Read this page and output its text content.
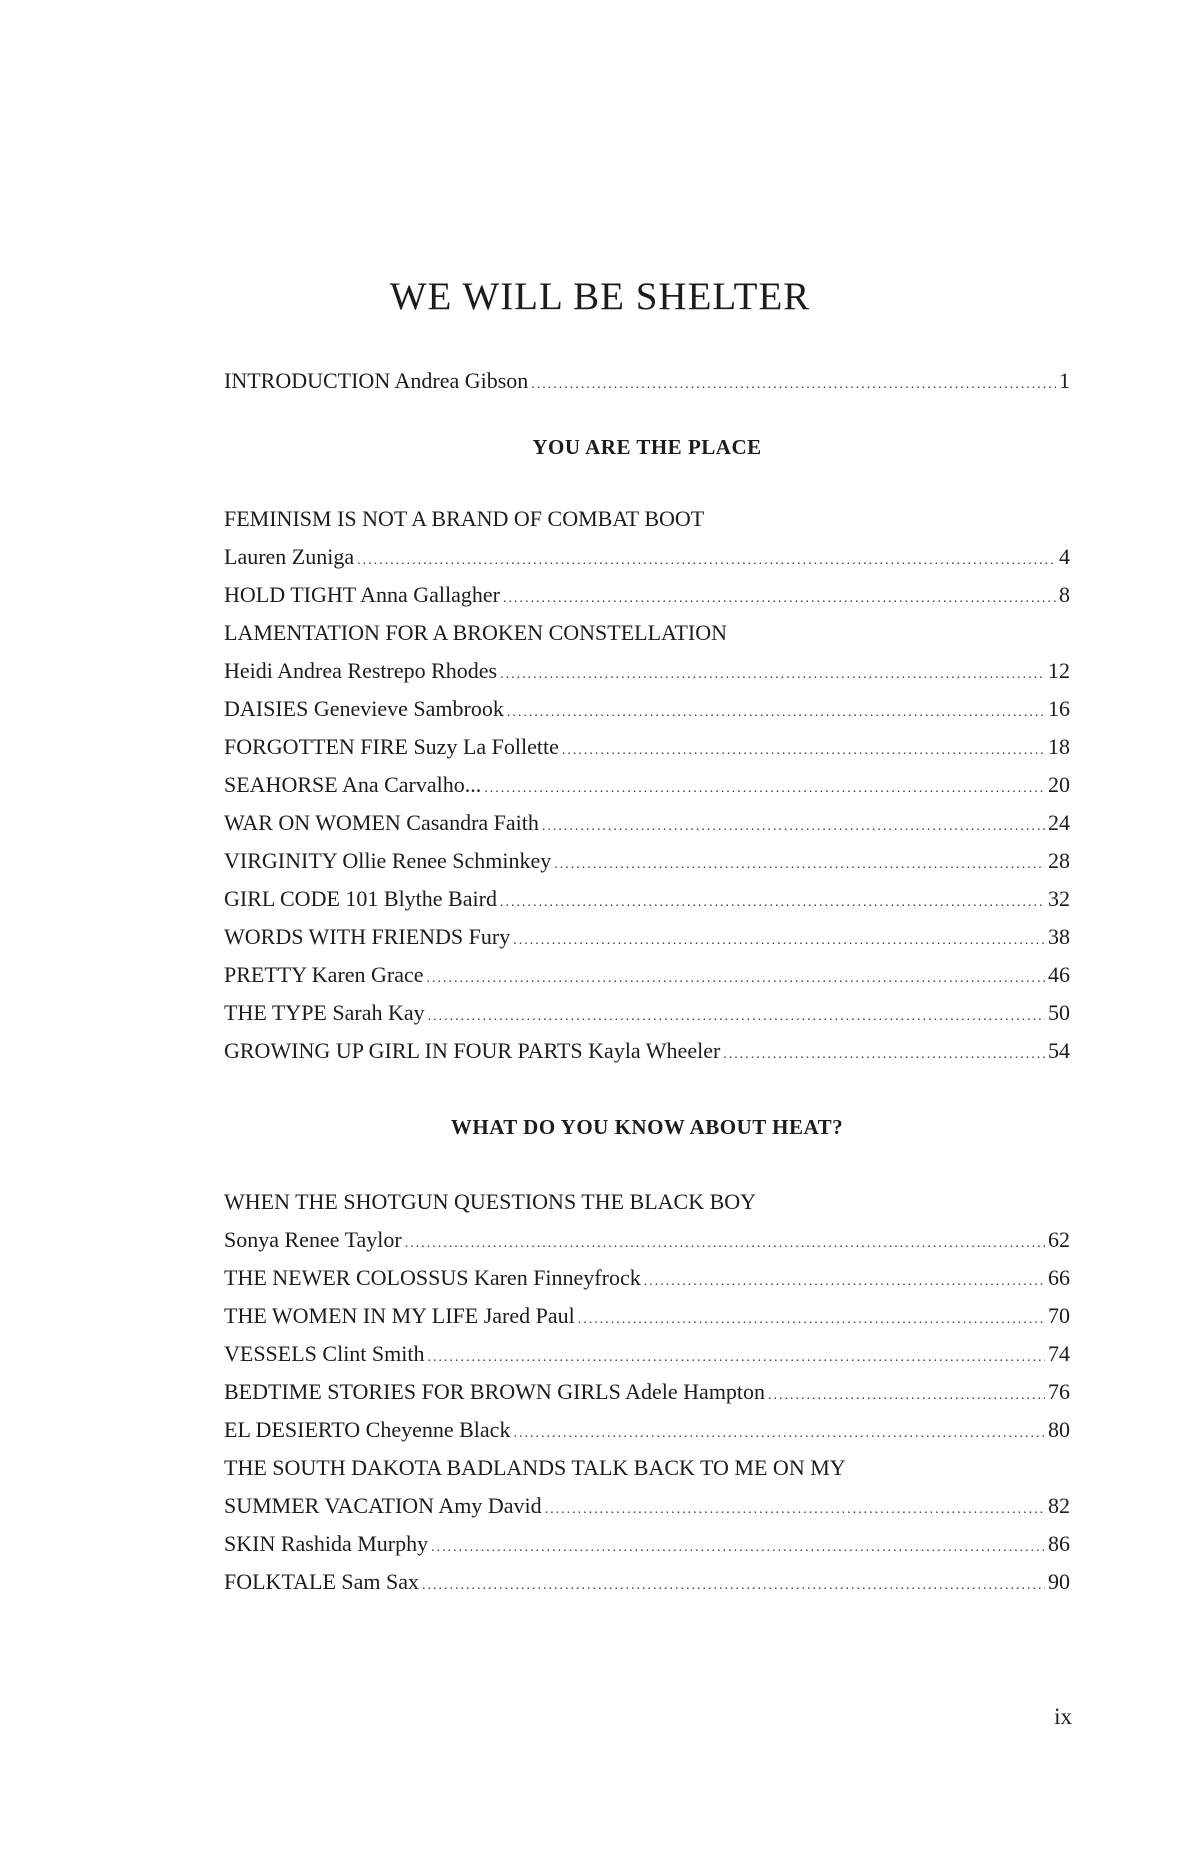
WE WILL BE SHELTER
INTRODUCTION Andrea Gibson .....	1
YOU ARE THE PLACE
FEMINISM IS NOT A BRAND OF COMBAT BOOT
Lauren Zuniga .....	4
HOLD TIGHT Anna Gallagher .....	8
LAMENTATION FOR A BROKEN CONSTELLATION
Heidi Andrea Restrepo Rhodes .....	12
DAISIES Genevieve Sambrook .....	16
FORGOTTEN FIRE Suzy La Follette .....	18
SEAHORSE Ana Carvalho... .....	20
WAR ON WOMEN Casandra Faith .....	24
VIRGINITY Ollie Renee Schminkey .....	28
GIRL CODE 101 Blythe Baird .....	32
WORDS WITH FRIENDS Fury .....	38
PRETTY Karen Grace .....	46
THE TYPE Sarah Kay .....	50
GROWING UP GIRL IN FOUR PARTS Kayla Wheeler .....	54
WHAT DO YOU KNOW ABOUT HEAT?
WHEN THE SHOTGUN QUESTIONS THE BLACK BOY
Sonya Renee Taylor .....	62
THE NEWER COLOSSUS Karen Finneyfrock .....	66
THE WOMEN IN MY LIFE Jared Paul .....	70
VESSELS Clint Smith .....	74
BEDTIME STORIES FOR BROWN GIRLS Adele Hampton .....	76
EL DESIERTO Cheyenne Black .....	80
THE SOUTH DAKOTA BADLANDS TALK BACK TO ME ON MY
SUMMER VACATION Amy David .....	82
SKIN Rashida Murphy .....	86
FOLKTALE Sam Sax .....	90
ix
